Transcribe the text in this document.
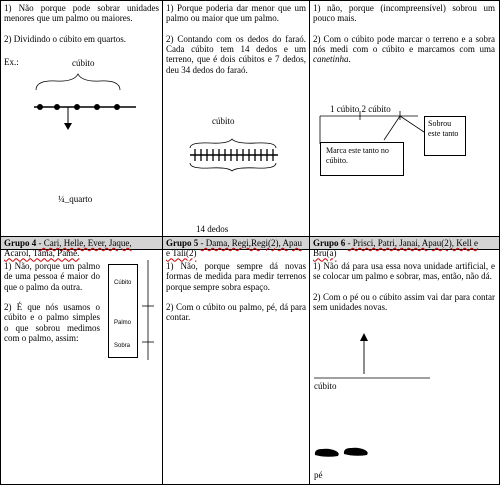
1) Não porque pode sobrar unidades menores que um palmo ou maiores.

2) Dividindo o cúbito em quartos.

Ex.:	cúbito
¼_quarto

1) Porque poderia dar menor que um palmo ou maior que um palmo.

2) Contando com os dedos do faraó. Cada cúbito tem 14 dedos e um terreno, que é dois cúbitos e 7 dedos, deu 34 dedos do faraó.

cúbito
14 dedos

1) não, porque (incompreensível) sobrou um pouco mais.

2) Com o cúbito pode marcar o terreno e a sobra nós medi com o cúbito e marcamos com uma canetinha.

1 cúbito 2 cúbito
Sobrou este tanto
Marca este tanto no cúbito.
Grupo 4 - Cari, Helle, Ever, Jaque, Acarol, Tama, Pame.

1) Não, porque um palmo de uma pessoa é maior do que o palmo da outra.

2) É que nós usamos o cúbito e o palmo simples o que sobrou medimos com o palmo, assim:

Cúbito
Palmo
Sobra
Grupo 5 - Dama, Regi,Regi(2), Apau e Tali(2)

1) Não, porque sempre dá novas formas de medida para medir terrenos porque sempre sobra espaço.

2) Com o cúbito ou palmo, pé, dá para contar.

Grupo 6 - Prisci, Patri, Janai, Apau(2), Kell e Bru(a)

1) Não dá para usa essa nova unidade artificial, e se colocar um palmo e sobrar, mas, então, não dá.

2) Com o pé ou o cúbito assim vai dar para contar sem unidades novas.

cúbito
pé
